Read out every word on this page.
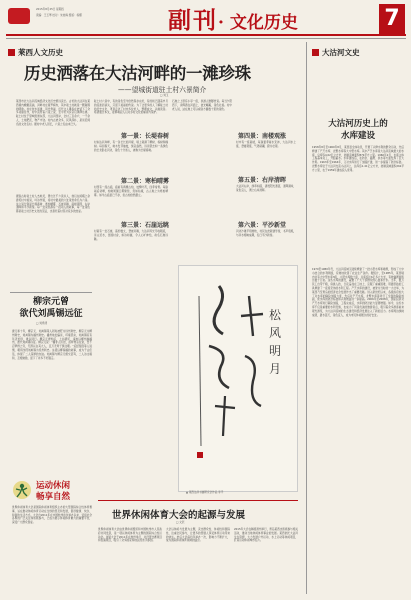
2015年8月25日 星期四
责编：王玉琴 校对：朱桂梅 组版：杨娜	副刊· 文化历史	7
莱西人文历史	大沽河文史
历史洒落在大沽河畔的一滩珍珠
——望城街道驻土村六景简介
□ 刘玉
莱西市北大沽河流域经济文化历史源远流长。古老的大沽河在莱西境内蜿蜒流淌，河畔村庄星罗棋布，其中驻土村就是一颗璀璨的明珠。村庄依水而建，风光秀丽，历代文人墨客在此留下了众多诗篇佳作，村中流传着六景之说，至今仍为乡亲们津津乐道。驻土村位于望城街道东部，大沽河西岸，全村三百余户，一千余人，土地肥沃，物产丰饶。村内古迹众多，民风淳朴，是远近闻名的文化名村。据村中老人回忆，六景之名由来已久。
据说古时驻土村人杰地灵，曾出过不少读书人，他们在闲暇之余游览村中美景，吟诗作赋，将村中最美的六处景致命名为六景。这六景分别是长堤春树、寒柏晴雾、石崖远眺、南楼观涨、右岸清晖和平沙新堂。每一处景色都有一段动人的故事，每一处景色都是驻土村历史文化的见证，也寄托着村民对家乡的热爱。
驻土村六景中，有的景色至今依然保存完好，有的则已随着岁月的流逝而消失，只留下美丽的传说。为了让更多的人了解驻土村的历史文化，笔者走访了村中多位老人，整理成文，以飨读者。希望通过本文，能够唤起人们对乡村文化的重视与保护。
第一景：长堤春树
村东沽河岸畔，有一条长长的河堤，堤上栽满了柳树、杨树和槐树。每到春天，树木发芽抽枝，绿意盎然，远远望去如一条绿色的长龙卧在河边，景色十分迷人，被称为长堤春树。
第二景：寒柏晴雾
村西有一座古庙，庙前有两棵古柏，枝繁叶茂，四季常青。每逢雨后初晴，柏树周围云雾缭绕，宛如仙境，古人称之为寒柏晴雾。如今古庙虽已不存，但古柏依然挺立。
第三景：石崖远眺
村南有一处石崖，高约数丈，登崖远眺，大沽河风光尽收眼底，远山近水，田园村舍，如诗如画，令人心旷神怡，故名石崖远眺。
石崖之上原有小亭一座，供游人歇脚赏景。每当夕阳西下，余晖洒在河面上，波光粼粼，景色壮美。村中老人说，站在崖上可以看到方圆数十里的景致。
第四景：南楼观涨
村中有一座南楼，每逢夏季雨水充沛，大沽河水上涨，登楼观涨，气势磅礴，蔚为壮观。
第五景：右岸清晖
大沽河右岸，绿草如茵，清晨阳光洒落，清辉满岸，景色宜人，谓之右岸清晖。
第六景：平沙新堂
河边沙滩平坦细软，村民在此新建学堂，书声琅琅，与河水相映成趣，名曰平沙新堂。
柳宗元曾
欲代刘禹锡远征
□ 刘秀清
唐元和十年，柳宗元、刘禹锡等人同时被贬为远州刺史，柳宗元为柳州刺史，刘禹锡为播州刺史。播州地处偏远，环境恶劣，刘禹锡家有年迈老母，难以同行。柳宗元得知后，上书朝廷，请求以柳州换播州，愿代刘禹锡远征。柳宗元说："播非人所居，而梦得亲在堂，吾不忍梦得之穷，无辞以白其大人，且万无母子俱往理。"后经裴度等人说情，朝廷改授刘禹锡为连州刺史。这段以柳易播的故事，成为千古佳话，体现了二人深厚的友谊。刘禹锡与柳宗元相交甚笃，二人诗文唱和，互相勉励，留下了许多不朽篇章。
运动休闲
畅享自然
世界休闲体育大会是国际休闲体育组织主办的大型国际综合性体育赛事，旨在推动休闲体育运动在全球的普及和发展，倡导健康、快乐、和谐的生活方式。大会自2011年在中国杭州首次举办以来，受到社会各界的广泛关注和积极参与，已成为展示休闲体育魅力的重要平台，深受广大群众喜爱。
松风明月
▲ 莱西沽河书画研究会作品 李平
世界休闲体育大会的起源与发展
□ 文辰
世界休闲体育大会由世界休闲组织和中国杭州市人民政府共同发起，是一项以休闲体育为主题的国际综合性运动会。首届大会于2011年在杭州举行，共设置比赛项目和表演项目，吸引了众多国家和地区的选手参加。
大会以休闲与发展为主题，突出群众性、休闲性和国际性，注重全民参与，让更多的普通人享受体育运动带来的快乐。此后大会每四年举办一次，影响力不断扩大，成为国际休闲体育领域的盛会。
2015年大会在韩国清州举行，青岛莱西也积极参与相关活动，推动当地休闲体育事业的发展。莱西依托大沽河生态资源，大力发展户外运动、水上运动等休闲项目，打造运动休闲城市名片。
大沽河历史上的
水库建设
1958年8月至1960年8月，莱西县全体动员，开展了兴修水利的群众运动，先后修建了产芝水库、北墅水库等大中型水库。其中产芝水库是大沽河流域最大的水库，总库容4.02亿立方米，控制流域面积879平方公里。1960年2月，水库主体工程基本完工，开始蓄水。水库建成后，在防洪、灌溉、供水等方面发挥了巨大作用。1963年至1964年，又对水库进行了加固扩建，进一步提高了防洪标准。北墅水库位于大沽河支流小沽河上，总库容1.41亿立方米，控制流域面积262平方公里，也于1959年建成投入使用。
1970至1980年代，大沽河流域又陆续修建了一批小型水库和塘坝，形成了大中小结合的水利网络，有效地改善了农业生产条件。据统计，至1985年，莱西境内共有大中型水库3座，小型水库数十座，总库容达6亿多立方米，有效灌溉面积达数十万亩。这些水库的建设，凝聚了广大干部群众的心血和汗水。当年，数万民工自带干粮，肩挑人抬，日夜奋战在工地上，克服了重重困难，用最原始的工具修建了一座座宏伟的水利工程。产芝水库的建设，被誉为当时的一大壮举，为莱西乃至青岛的经济社会发展作出了重要贡献。进入新世纪以来，各级政府加大了对水库的除险加固力度，先后对产芝水库、北墅水库等进行了全面的除险加固，使水库的防洪标准和兴利效益进一步提高。2006年至2008年，国家投资对产芝水库进行除险加固，工程完成后，水库的防洪能力显著增强。如今，这些水库不仅是重要的水利设施，也成为了风景优美的旅游景点，吸引着众多游客前来观光游览，为大沽河流域的生态建设和经济发展注入了新的活力。水库周边绿树成荫，碧水蓝天，景色宜人，成为市民休闲娱乐的好去处。
